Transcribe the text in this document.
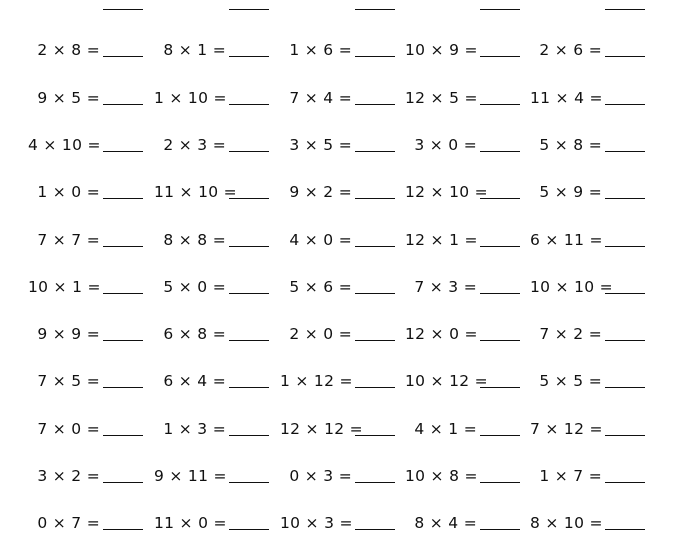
2 × 8 =	8 × 1 =	1 × 6 =	10 × 9 =	2 × 6 =
9 × 5 =	1 × 10 =	7 × 4 =	12 × 5 =	11 × 4 =
4 × 10 =	2 × 3 =	3 × 5 =	3 × 0 =	5 × 8 =
1 × 0 =	11 × 10 =	9 × 2 =	12 × 10 =	5 × 9 =
7 × 7 =	8 × 8 =	4 × 0 =	12 × 1 =	6 × 11 =
10 × 1 =	5 × 0 =	5 × 6 =	7 × 3 =	10 × 10 =
9 × 9 =	6 × 8 =	2 × 0 =	12 × 0 =	7 × 2 =
7 × 5 =	6 × 4 =	1 × 12 =	10 × 12 =	5 × 5 =
7 × 0 =	1 × 3 =	12 × 12 =	4 × 1 =	7 × 12 =
3 × 2 =	9 × 11 =	0 × 3 =	10 × 8 =	1 × 7 =
0 × 7 =	11 × 0 =	10 × 3 =	8 × 4 =	8 × 10 =
